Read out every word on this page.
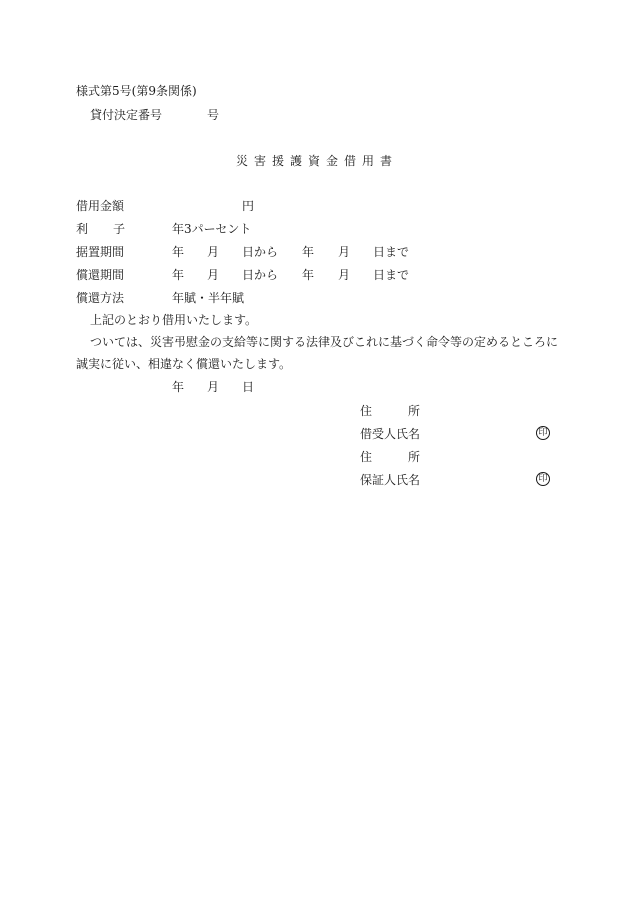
様式第5号(第9条関係)
貸付決定番号	号
災害援護資金借用書
借用金額	円
利 子	年3パーセント
据置期間	年 月 日から 年 月 日まで
償還期間	年 月 日から 年 月 日まで
償還方法	年賦・半年賦
上記のとおり借用いたします。
ついては、災害弔慰金の支給等に関する法律及びこれに基づく命令等の定めるところに
誠実に従い、相違なく償還いたします。
年 月 日
住	所
借受人氏名	印
住	所
保証人氏名	印
